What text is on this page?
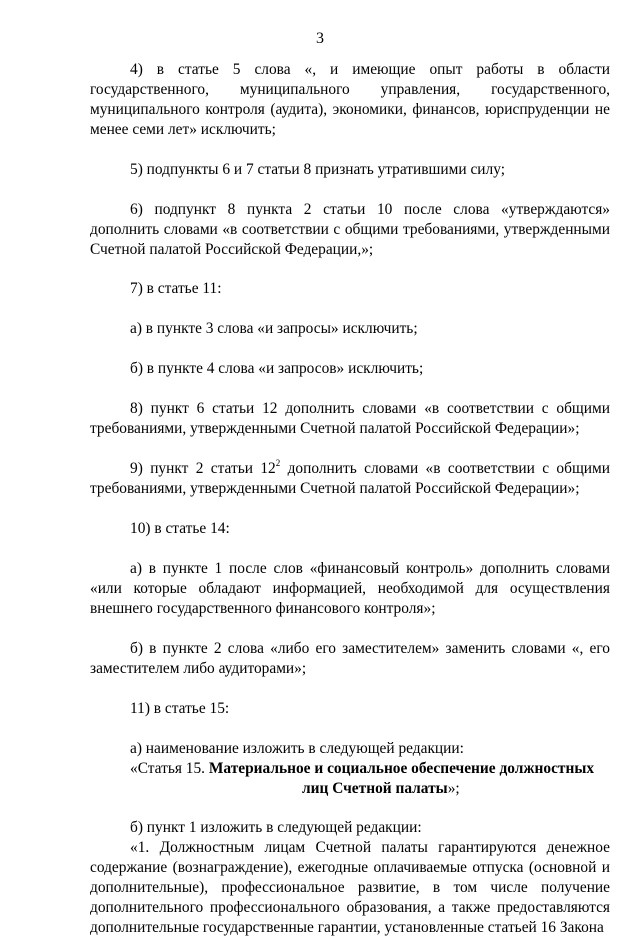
3

4) в статье 5 слова «, и имеющие опыт работы в области государственного, муниципального управления, государственного, муниципального контроля (аудита), экономики, финансов, юриспруденции не менее семи лет» исключить;

5) подпункты 6 и 7 статьи 8 признать утратившими силу;

6) подпункт 8 пункта 2 статьи 10 после слова «утверждаются» дополнить словами «в соответствии с общими требованиями, утвержденными Счетной палатой Российской Федерации,»;

7) в статье 11:

а) в пункте 3 слова «и запросы» исключить;

б) в пункте 4 слова «и запросов» исключить;

8) пункт 6 статьи 12 дополнить словами «в соответствии с общими требованиями, утвержденными Счетной палатой Российской Федерации»;

9) пункт 2 статьи $12^2$ дополнить словами «в соответствии с общими требованиями, утвержденными Счетной палатой Российской Федерации»;

10) в статье 14:

а) в пункте 1 после слов «финансовый контроль» дополнить словами «или которые обладают информацией, необходимой для осуществления внешнего государственного финансового контроля»;

б) в пункте 2 слова «либо его заместителем» заменить словами «, его заместителем либо аудиторами»;

11) в статье 15:

а) наименование изложить в следующей редакции:

«Статья 15. Материальное и социальное обеспечение должностных

лиц Счетной палаты»;

б) пункт 1 изложить в следующей редакции:

«1. Должностным лицам Счетной палаты гарантируются денежное содержание (вознаграждение), ежегодные оплачиваемые отпуска (основной и дополнительные), профессиональное развитие, в том числе получение дополнительного профессионального образования, а также предоставляются дополнительные государственные гарантии, установленные статьей 16 Закона
